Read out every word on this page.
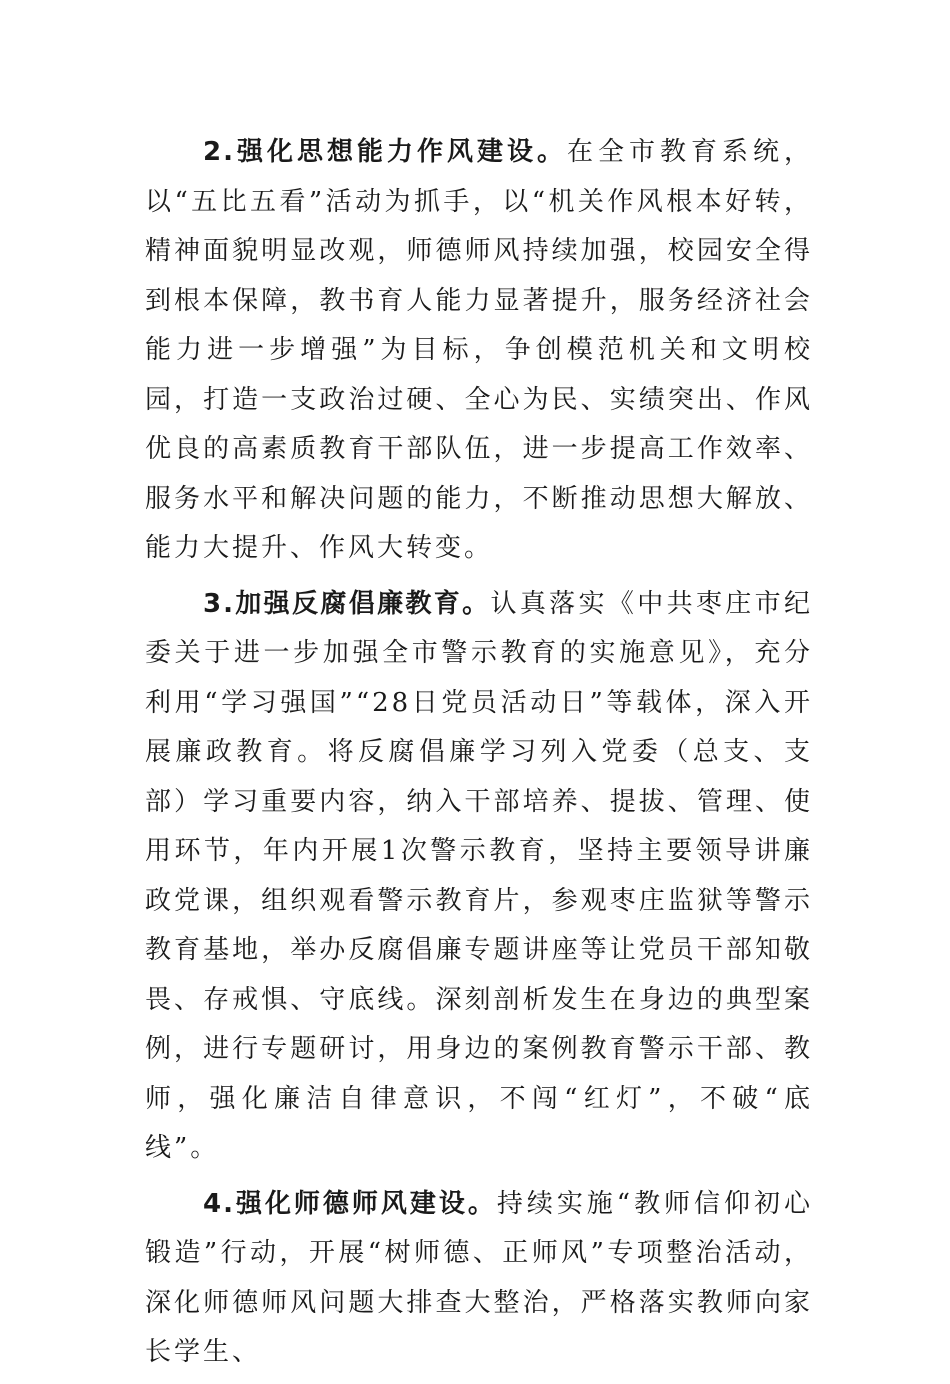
2.强化思想能力作风建设。在全市教育系统，以“五比五看”活动为抓手，以“机关作风根本好转，精神面貌明显改观，师德师风持续加强，校园安全得到根本保障，教书育人能力显著提升，服务经济社会能力进一步增强”为目标，争创模范机关和文明校园，打造一支政治过硬、全心为民、实绩突出、作风优良的高素质教育干部队伍，进一步提高工作效率、服务水平和解决问题的能力，不断推动思想大解放、能力大提升、作风大转变。

3.加强反腐倡廉教育。认真落实《中共枣庄市纪委关于进一步加强全市警示教育的实施意见》，充分利用“学习强国”“28日党员活动日”等载体，深入开展廉政教育。将反腐倡廉学习列入党委（总支、支部）学习重要内容，纳入干部培养、提拔、管理、使用环节，年内开展1次警示教育，坚持主要领导讲廉政党课，组织观看警示教育片，参观枣庄监狱等警示教育基地，举办反腐倡廉专题讲座等让党员干部知敬畏、存戒惧、守底线。深刻剖析发生在身边的典型案例，进行专题研讨，用身边的案例教育警示干部、教师，强化廉洁自律意识，不闯“红灯”，不破“底线”。

4.强化师德师风建设。持续实施“教师信仰初心锻造”行动，开展“树师德、正师风”专项整治活动，深化师德师风问题大排查大整治，严格落实教师向家长学生、
